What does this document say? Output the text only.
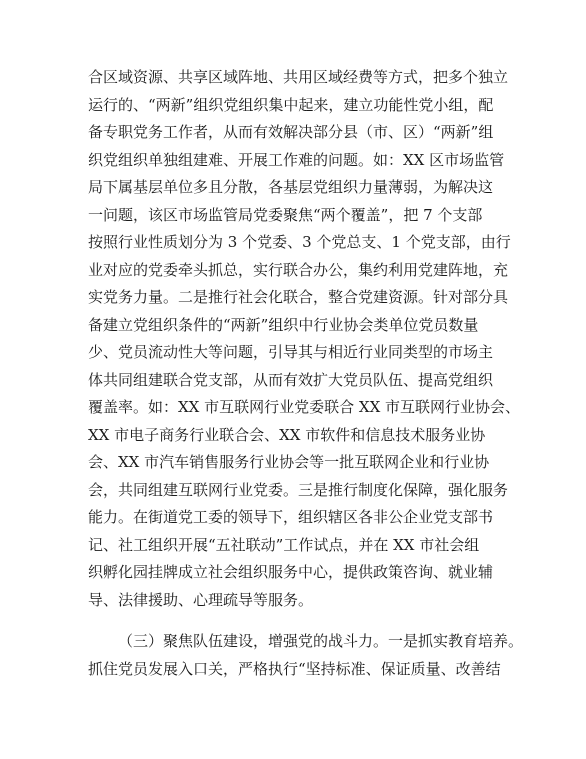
合区域资源、共享区域阵地、共用区域经费等方式，把多个独立
运行的、“两新”组织党组织集中起来，建立功能性党小组，配
备专职党务工作者，从而有效解决部分县（市、区）“两新”组
织党组织单独组建难、开展工作难的问题。如：XX 区市场监管
局下属基层单位多且分散，各基层党组织力量薄弱，为解决这
一问题，该区市场监管局党委聚焦“两个覆盖”，把 7 个支部
按照行业性质划分为 3 个党委、3 个党总支、1 个党支部，由行
业对应的党委牵头抓总，实行联合办公，集约利用党建阵地，充
实党务力量。二是推行社会化联合，整合党建资源。针对部分具
备建立党组织条件的“两新”组织中行业协会类单位党员数量
少、党员流动性大等问题，引导其与相近行业同类型的市场主
体共同组建联合党支部，从而有效扩大党员队伍、提高党组织
覆盖率。如：XX 市互联网行业党委联合 XX 市互联网行业协会、
XX 市电子商务行业联合会、XX 市软件和信息技术服务业协
会、XX 市汽车销售服务行业协会等一批互联网企业和行业协
会，共同组建互联网行业党委。三是推行制度化保障，强化服务
能力。在街道党工委的领导下，组织辖区各非公企业党支部书
记、社工组织开展“五社联动”工作试点，并在 XX 市社会组
织孵化园挂牌成立社会组织服务中心，提供政策咨询、就业辅
导、法律援助、心理疏导等服务。
（三）聚焦队伍建设，增强党的战斗力。一是抓实教育培养。
抓住党员发展入口关，严格执行“坚持标准、保证质量、改善结
